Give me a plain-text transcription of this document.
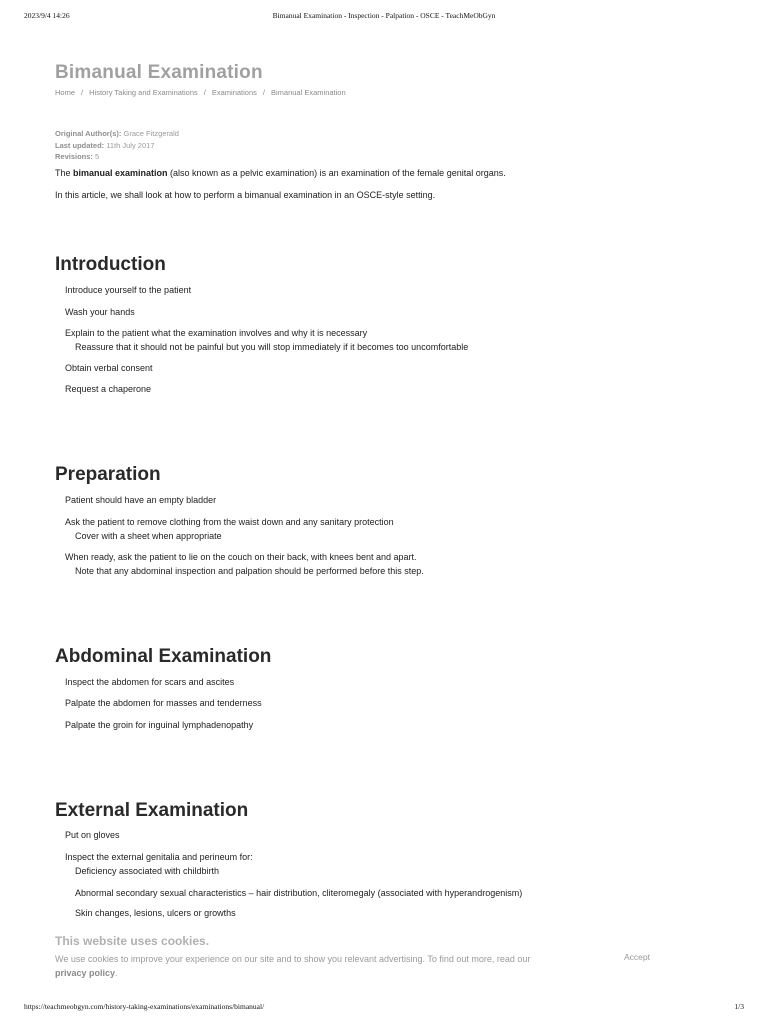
2023/9/4 14:26	Bimanual Examination - Inspection - Palpation - OSCE - TeachMeObGyn
Bimanual Examination
Home / History Taking and Examinations / Examinations / Bimanual Examination
Original Author(s): Grace Fitzgerald
Last updated: 11th July 2017
Revisions: 5
The bimanual examination (also known as a pelvic examination) is an examination of the female genital organs.
In this article, we shall look at how to perform a bimanual examination in an OSCE-style setting.
Introduction
Introduce yourself to the patient
Wash your hands
Explain to the patient what the examination involves and why it is necessary
Reassure that it should not be painful but you will stop immediately if it becomes too uncomfortable
Obtain verbal consent
Request a chaperone
Preparation
Patient should have an empty bladder
Ask the patient to remove clothing from the waist down and any sanitary protection
Cover with a sheet when appropriate
When ready, ask the patient to lie on the couch on their back, with knees bent and apart.
Note that any abdominal inspection and palpation should be performed before this step.
Abdominal Examination
Inspect the abdomen for scars and ascites
Palpate the abdomen for masses and tenderness
Palpate the groin for inguinal lymphadenopathy
External Examination
Put on gloves
Inspect the external genitalia and perineum for:
Deficiency associated with childbirth
Abnormal secondary sexual characteristics – hair distribution, cliteromegaly (associated with hyperandrogenism)
Skin changes, lesions, ulcers or growths
This website uses cookies.
We use cookies to improve your experience on our site and to show you relevant advertising. To find out more, read our
privacy policy.
Accept
https://teachmeobgyn.com/history-taking-examinations/examinations/bimanual/	1/3
